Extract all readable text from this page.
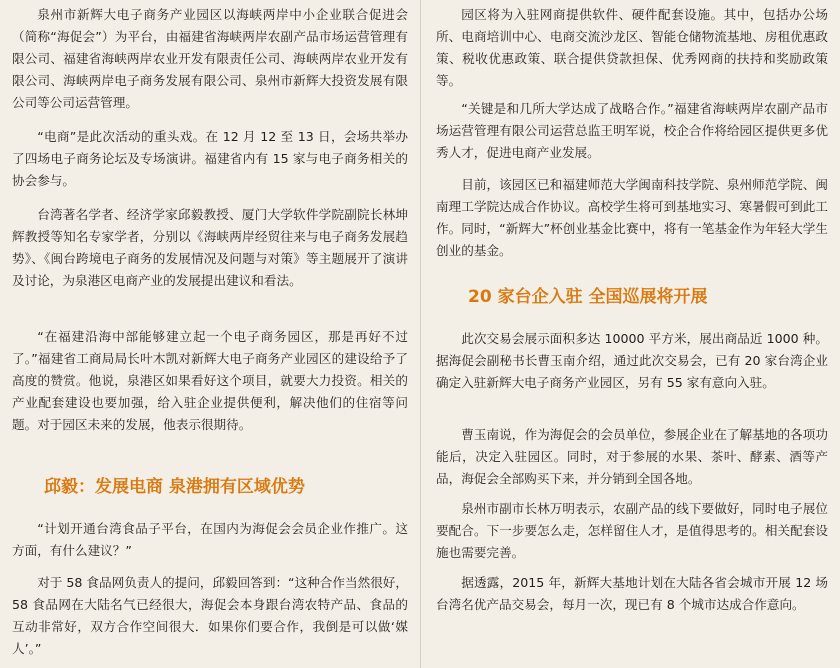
泉州市新辉大电子商务产业园区以海峡两岸中小企业联合促进会（简称“海促会”）为平台，由福建省海峡两岸农副产品市场运营管理有限公司、福建省海峡两岸农业开发有限责任公司、海峡两岸农业开发有限公司、海峡两岸电子商务发展有限公司、泉州市新辉大投资发展有限公司等公司运营管理。

“电商”是此次活动的重头戏。在 12 月 12 至 13 日，会场共举办了四场电子商务论坛及专场演讲。福建省内有 15 家与电子商务相关的协会参与。

台湾著名学者、经济学家邱毅教授、厦门大学软件学院副院长林坤辉教授等知名专家学者，分别以《海峡两岸经贸往来与电子商务发展趋势》、《闽台跨境电子商务的发展情况及问题与对策》等主题展开了演讲及讨论，为泉港区电商产业的发展提出建议和看法。

“在福建沿海中部能够建立起一个电子商务园区，那是再好不过了。”福建省工商局局长叶木凯对新辉大电子商务产业园区的建设给予了高度的赞赏。他说，泉港区如果看好这个项目，就要大力投资。相关的产业配套建设也要加强，给入驻企业提供便利，解决他们的住宿等问题。对于园区未来的发展，他表示很期待。

邱毅：发展电商 泉港拥有区域优势

“计划开通台湾食品子平台，在国内为海促会会员企业作推广。这方面，有什么建议？”

对于 58 食品网负责人的提问，邱毅回答到：“这种合作当然很好，58 食品网在大陆名气已经很大，海促会本身跟台湾农特产品、食品的互动非常好，双方合作空间很大．如果你们要合作，我倒是可以做‘媒人’。”

园区将为入驻网商提供软件、硬件配套设施。其中，包括办公场所、电商培训中心、电商交流沙龙区、智能仓储物流基地、房租优惠政策、税收优惠政策、联合提供贷款担保、优秀网商的扶持和奖励政策等。

“关键是和几所大学达成了战略合作。”福建省海峡两岸农副产品市场运营管理有限公司运营总监王明军说，校企合作将给园区提供更多优秀人才，促进电商产业发展。

目前，该园区已和福建师范大学闽南科技学院、泉州师范学院、闽南理工学院达成合作协议。高校学生将可到基地实习、寒暑假可到此工作。同时，“新辉大”杯创业基金比赛中，将有一笔基金作为年轻大学生创业的基金。

20 家台企入驻 全国巡展将开展

此次交易会展示面积多达 10000 平方米，展出商品近 1000 种。据海促会副秘书长曹玉南介绍，通过此次交易会，已有 20 家台湾企业确定入驻新辉大电子商务产业园区，另有 55 家有意向入驻。

曹玉南说，作为海促会的会员单位，参展企业在了解基地的各项功能后，决定入驻园区。同时，对于参展的水果、茶叶、酵素、酒等产品，海促会全部购买下来，并分销到全国各地。

泉州市副市长林万明表示，农副产品的线下要做好，同时电子展位要配合。下一步要怎么走，怎样留住人才，是值得思考的。相关配套设施也需要完善。

据透露，2015 年，新辉大基地计划在大陆各省会城市开展 12 场台湾名优产品交易会，每月一次，现已有 8 个城市达成合作意向。
